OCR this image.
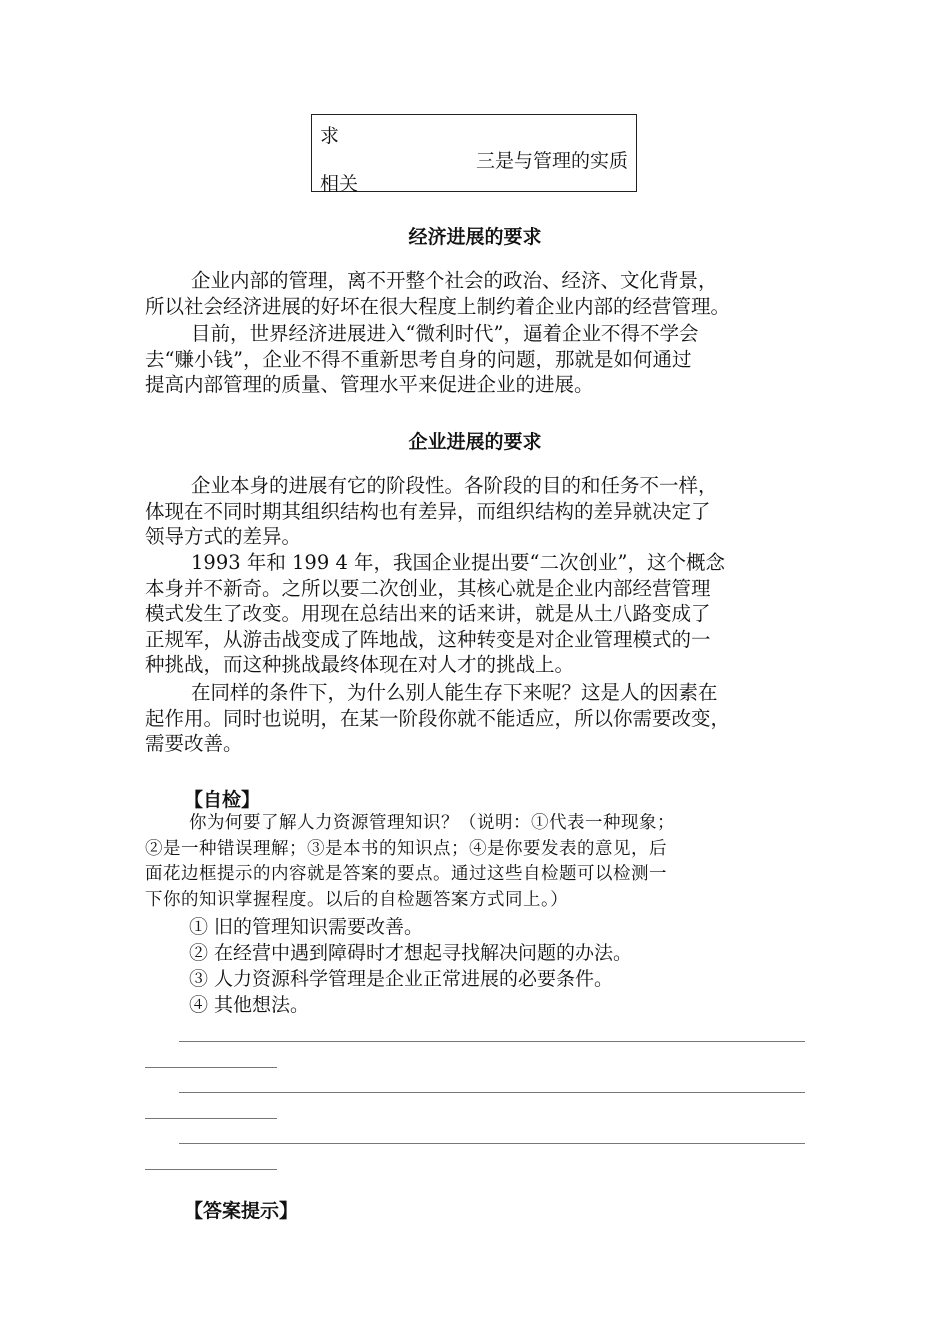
求
三是与管理的实质
相关
经济进展的要求

企业内部的管理，离不开整个社会的政治、经济、文化背景，
所以社会经济进展的好坏在很大程度上制约着企业内部的经营管理。

目前，世界经济进展进入“微利时代”，逼着企业不得不学会
去“赚小钱”，企业不得不重新思考自身的问题，那就是如何通过
提高内部管理的质量、管理水平来促进企业的进展。

企业进展的要求

企业本身的进展有它的阶段性。各阶段的目的和任务不一样，
体现在不同时期其组织结构也有差异，而组织结构的差异就决定了
领导方式的差异。

1993 年和 199 4 年，我国企业提出要“二次创业”，这个概念
本身并不新奇。之所以要二次创业，其核心就是企业内部经营管理
模式发生了改变。用现在总结出来的话来讲，就是从土八路变成了
正规军，从游击战变成了阵地战，这种转变是对企业管理模式的一
种挑战，而这种挑战最终体现在对人才的挑战上。

在同样的条件下，为什么别人能生存下来呢？这是人的因素在
起作用。同时也说明，在某一阶段你就不能适应，所以你需要改变，
需要改善。

【自检】
你为何要了解人力资源管理知识？（说明：①代表一种现象；
②是一种错误理解；③是本书的知识点；④是你要发表的意见，后
面花边框提示的内容就是答案的要点。通过这些自检题可以检测一
下你的知识掌握程度。以后的自检题答案方式同上。）
① 旧的管理知识需要改善。
② 在经营中遇到障碍时才想起寻找解决问题的办法。
③ 人力资源科学管理是企业正常进展的必要条件。
④ 其他想法。
【答案提示】
